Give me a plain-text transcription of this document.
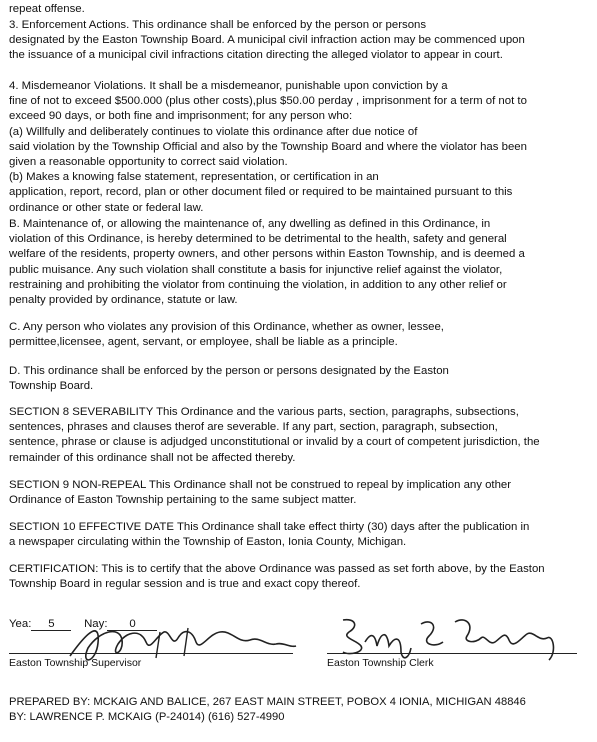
repeat offense.

3. Enforcement Actions. This ordinance shall be enforced by the person or persons
designated by the Easton Township Board. A municipal civil infraction action may be commenced upon
the issuance of a municipal civil infractions citation directing the alleged violator to appear in court.

4. Misdemeanor Violations. It shall be a misdemeanor, punishable upon conviction by a
fine of not to exceed $500.000 (plus other costs),plus $50.00 perday , imprisonment for a term of not to
exceed 90 days, or both fine and imprisonment; for any person who:
(a) Willfully and deliberately continues to violate this ordinance after due notice of
said violation by the Township Official and also by the Township Board and where the violator has been
given a reasonable opportunity to correct said violation.
(b) Makes a knowing false statement, representation, or certification in an
application, report, record, plan or other document filed or required to be maintained pursuant to this
ordinance or other state or federal law.

B. Maintenance of, or allowing the maintenance of, any dwelling as defined in this Ordinance, in
violation of this Ordinance, is hereby determined to be detrimental to the health, safety and general
welfare of the residents, property owners, and other persons within Easton Township, and is deemed a
public muisance. Any such violation shall constitute a basis for injunctive relief against the violator,
restraining and prohibiting the violator from continuing the violation, in addition to any other relief or
penalty provided by ordinance, statute or law.

C. Any person who violates any provision of this Ordinance, whether as owner, lessee,
permittee,licensee, agent, servant, or employee, shall be liable as a principle.

D. This ordinance shall be enforced by the person or persons designated by the Easton
Township Board.

SECTION 8 SEVERABILITY This Ordinance and the various parts, section, paragraphs, subsections,
sentences, phrases and clauses therof are severable. If any part, section, paragraph, subsection,
sentence, phrase or clause is adjudged unconstitutional or invalid by a court of competent jurisdiction, the
remainder of this ordinance shall not be affected thereby.

SECTION 9 NON-REPEAL This Ordinance shall not be construed to repeal by implication any other
Ordinance of Easton Township pertaining to the same subject matter.

SECTION 10 EFFECTIVE DATE This Ordinance shall take effect thirty (30) days after the publication in
a newspaper circulating within the Township of Easton, Ionia County, Michigan.

CERTIFICATION: This is to certify that the above Ordinance was passed as set forth above, by the Easton
Township Board in regular session and is true and exact copy thereof.

Yea: 5	Nay: 0
Easton Township Supervisor	Easton Township Clerk
PREPARED BY: MCKAIG AND BALICE, 267 EAST MAIN STREET, POBOX 4 IONIA, MICHIGAN 48846
BY: LAWRENCE P. MCKAIG (P-24014) (616) 527-4990
